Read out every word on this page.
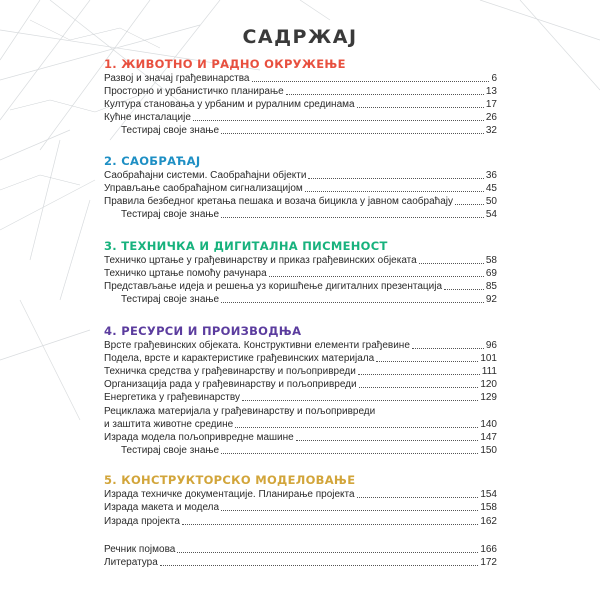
САДРЖАЈ
1. ЖИВОТНО И РАДНО ОКРУЖЕЊЕ
Развој и значај грађевинарства	6
Просторно и урбанистичко планирање	13
Култура становања у урбаним и руралним срединама	17
Кућне инсталације	26
Тестирај своје знање	32
2. САОБРАЋАЈ
Саобраћајни системи. Саобраћајни објекти	36
Управљање саобраћајном сигнализацијом	45
Правила безбедног кретања пешака и возача бицикла у јавном саобраћају	50
Тестирај своје знање	54
3. ТЕХНИЧКА И ДИГИТАЛНА ПИСМЕНОСТ
Техничко цртање у грађевинарству и приказ грађевинских објеката	58
Техничко цртање помоћу рачунара	69
Представљање идеја и решења уз коришћење дигиталних презентација	85
Тестирај своје знање	92
4. РЕСУРСИ И ПРОИЗВОДЊА
Врсте грађевинских објеката. Конструктивни елементи грађевине	96
Подела, врсте и карактеристике грађевинских материјала	101
Техничка средства у грађевинарству и пољопривреди	111
Организација рада у грађевинарству и пољопривреди	120
Енергетика у грађевинарству	129
Рециклажа материјала у грађевинарству и пољопривреди
и заштита животне средине	140
Израда модела пољопривредне машине	147
Тестирај своје знање	150
5. КОНСТРУКТОРСКО МОДЕЛОВАЊЕ
Израда техничке документације. Планирање пројекта	154
Израда макета и модела	158
Израда пројекта	162
Речник појмова	166
Литература	172
